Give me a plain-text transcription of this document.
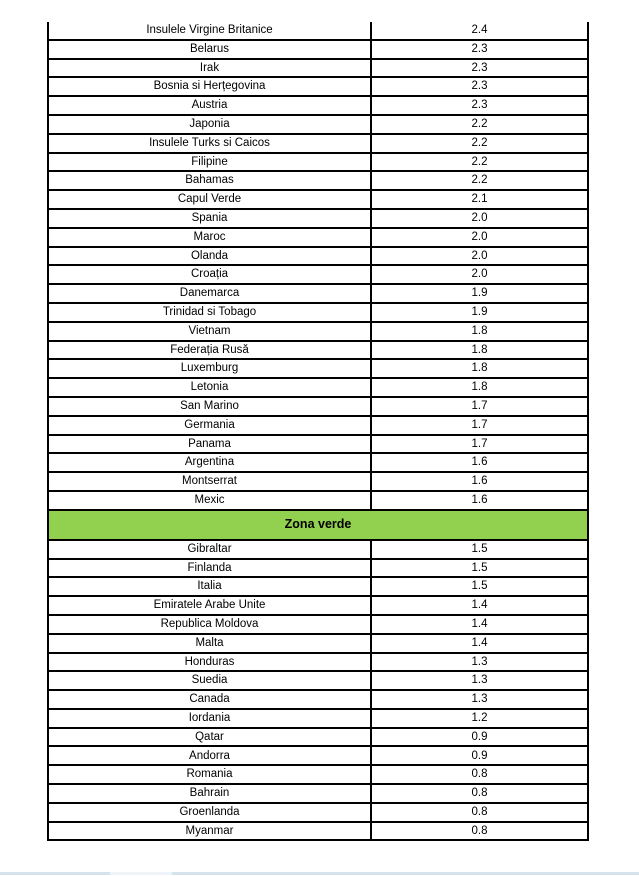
Insulele Virgine Britanice	2.4
Belarus	2.3
Irak	2.3
Bosnia si Herțegovina	2.3
Austria	2.3
Japonia	2.2
Insulele Turks si Caicos	2.2
Filipine	2.2
Bahamas	2.2
Capul Verde	2.1
Spania	2.0
Maroc	2.0
Olanda	2.0
Croația	2.0
Danemarca	1.9
Trinidad si Tobago	1.9
Vietnam	1.8
Federația Rusă	1.8
Luxemburg	1.8
Letonia	1.8
San Marino	1.7
Germania	1.7
Panama	1.7
Argentina	1.6
Montserrat	1.6
Mexic	1.6
Zona verde	
Gibraltar	1.5
Finlanda	1.5
Italia	1.5
Emiratele Arabe Unite	1.4
Republica Moldova	1.4
Malta	1.4
Honduras	1.3
Suedia	1.3
Canada	1.3
Iordania	1.2
Qatar	0.9
Andorra	0.9
Romania	0.8
Bahrain	0.8
Groenlanda	0.8
Myanmar	0.8
